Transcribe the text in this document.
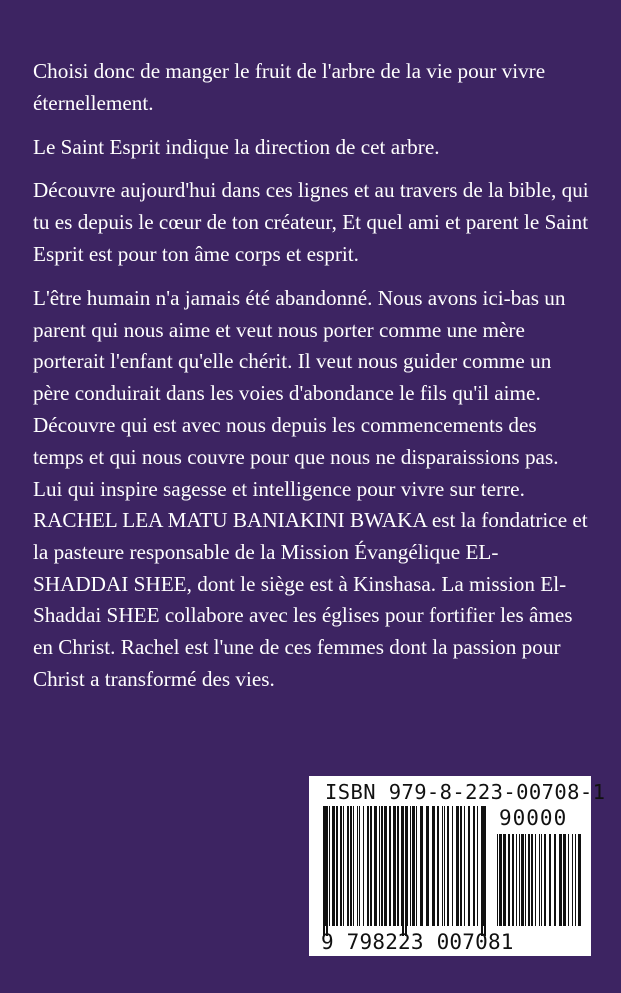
Choisi donc de manger le fruit de l'arbre de la vie pour vivre éternellement.

Le Saint Esprit indique la direction de cet arbre.

Découvre aujourd'hui dans ces lignes et au travers de la bible, qui tu es depuis le cœur de ton créateur, Et quel ami et parent le Saint Esprit est pour ton âme corps et esprit.

L'être humain n'a jamais été abandonné. Nous avons ici-bas un parent qui nous aime et veut nous porter comme une mère porterait l'enfant qu'elle chérit. Il veut nous guider comme un père conduirait dans les voies d'abondance le fils qu'il aime. Découvre qui est avec nous depuis les commencements des temps et qui nous couvre pour que nous ne disparaissions pas. Lui qui inspire sagesse et intelligence pour vivre sur terre.

RACHEL LEA MATU BANIAKINI BWAKA est la fondatrice et la pasteure responsable de la Mission Évangélique EL-SHADDAI SHEE, dont le siège est à Kinshasa. La mission El-Shaddai SHEE collabore avec les églises pour fortifier les âmes en Christ. Rachel est l'une de ces femmes dont la passion pour Christ a transformé des vies.

ISBN 979-8-223-00708-1
90000
9 798223 007081
